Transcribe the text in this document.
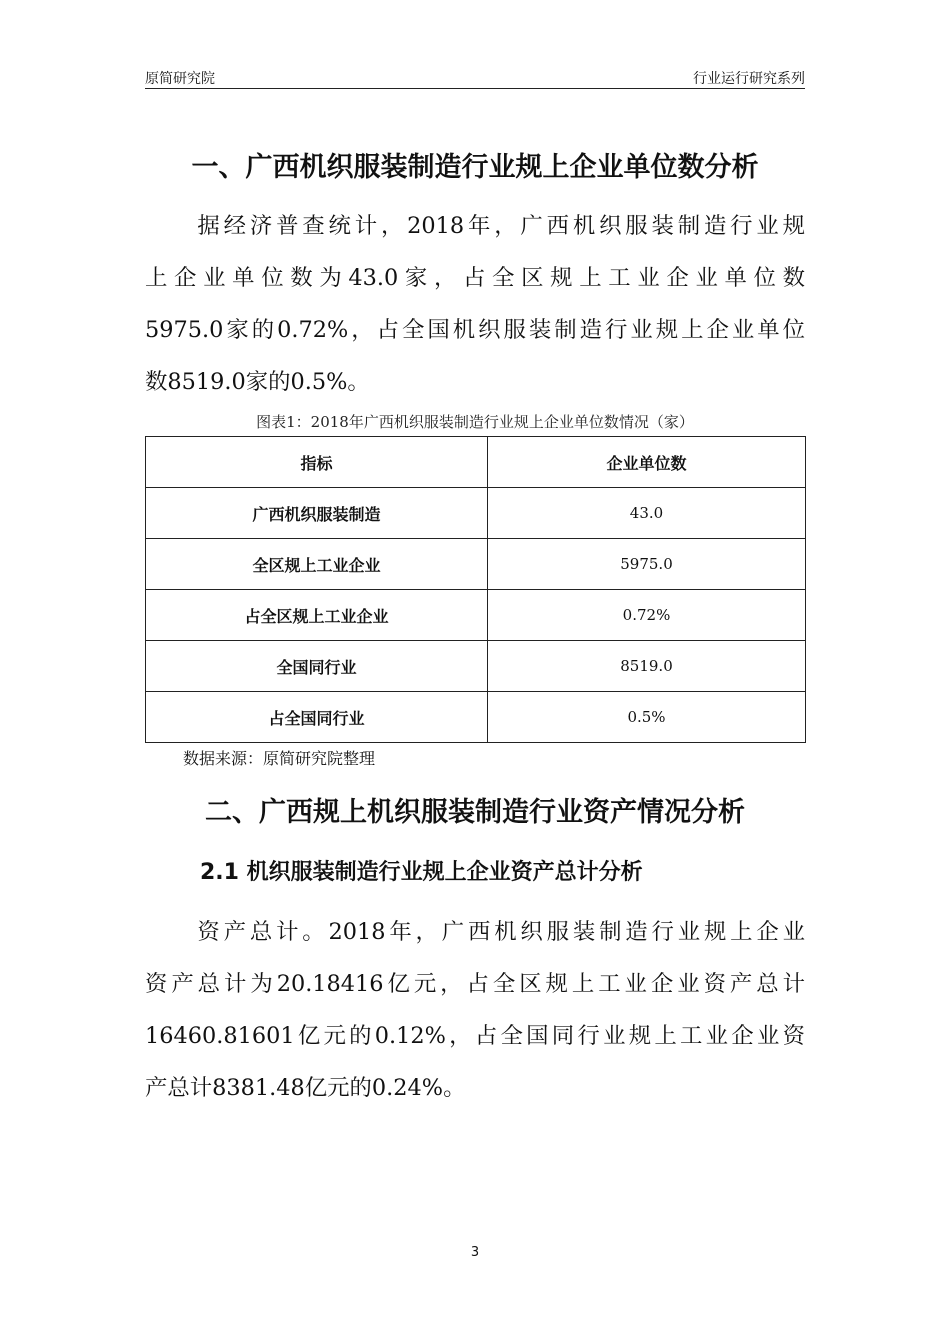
原简研究院	行业运行研究系列
一、广西机织服装制造行业规上企业单位数分析
　　据经济普查统计，2018年，广西机织服装制造行业规
上企业单位数为43.0家，占全区规上工业企业单位数
5975.0家的0.72%，占全国机织服装制造行业规上企业单位
数8519.0家的0.5%。
图表1：2018年广西机织服装制造行业规上企业单位数情况（家）
指标	企业单位数
广西机织服装制造	43.0
全区规上工业企业	5975.0
占全区规上工业企业	0.72%
全国同行业	8519.0
占全国同行业	0.5%
数据来源：原简研究院整理
二、广西规上机织服装制造行业资产情况分析
2.1 机织服装制造行业规上企业资产总计分析
　　资产总计。2018年，广西机织服装制造行业规上企业
资产总计为20.18416亿元，占全区规上工业企业资产总计
16460.81601亿元的0.12%，占全国同行业规上工业企业资
产总计8381.48亿元的0.24%。
3
